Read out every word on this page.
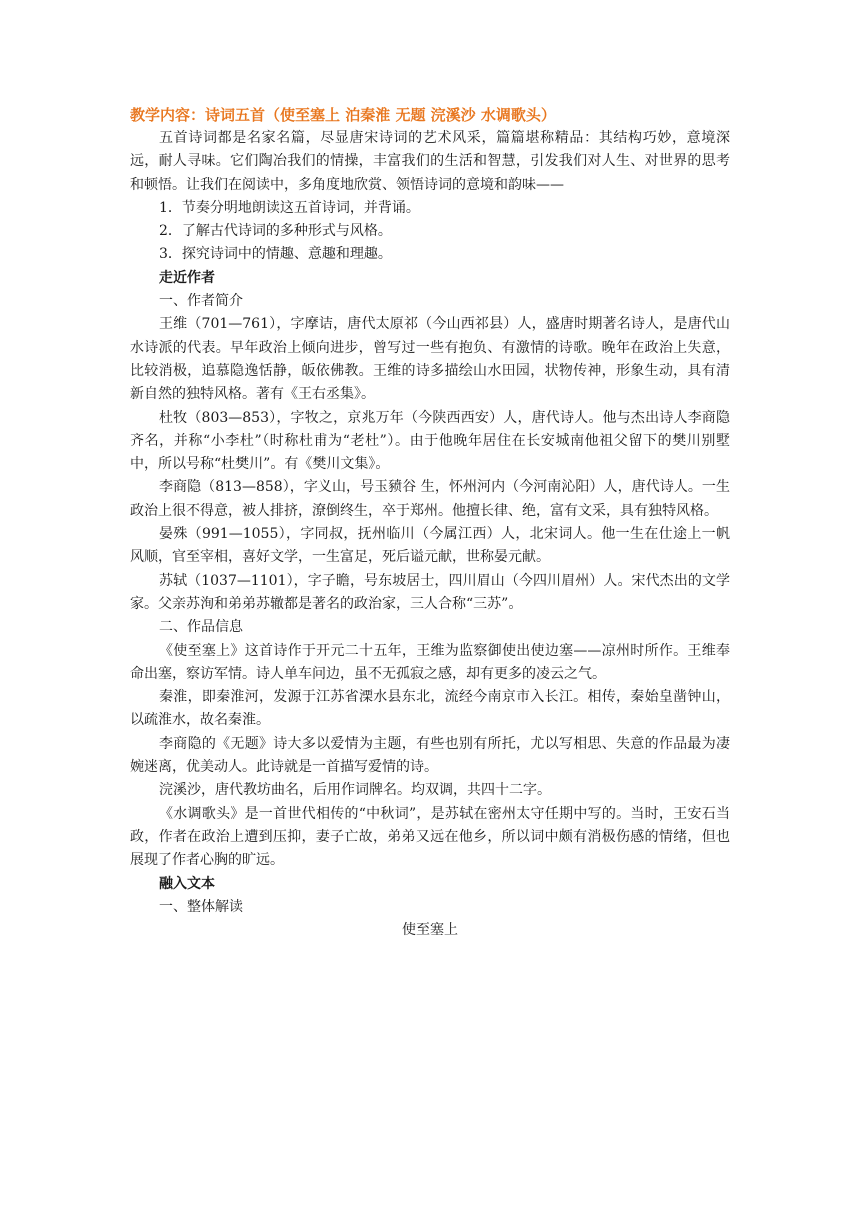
教学内容：诗词五首（使至塞上 泊秦淮 无题 浣溪沙 水调歌头）

五首诗词都是名家名篇，尽显唐宋诗词的艺术风采，篇篇堪称精品：其结构巧妙，意境深远，耐人寻味。它们陶冶我们的情操，丰富我们的生活和智慧，引发我们对人生、对世界的思考和顿悟。让我们在阅读中，多角度地欣赏、领悟诗词的意境和韵味——

1．节奏分明地朗读这五首诗词，并背诵。

2．了解古代诗词的多种形式与风格。

3．探究诗词中的情趣、意趣和理趣。

走近作者

一、作者简介

王维（701—761），字摩诘，唐代太原祁（今山西祁县）人，盛唐时期著名诗人，是唐代山水诗派的代表。早年政治上倾向进步，曾写过一些有抱负、有激情的诗歌。晚年在政治上失意，比较消极，追慕隐逸恬静，皈依佛教。王维的诗多描绘山水田园，状物传神，形象生动，具有清新自然的独特风格。著有《王右丞集》。

杜牧（803—853），字牧之，京兆万年（今陕西西安）人，唐代诗人。他与杰出诗人李商隐齐名，并称“小李杜”（时称杜甫为“老杜”）。由于他晚年居住在长安城南他祖父留下的樊川别墅中，所以号称“杜樊川”。有《樊川文集》。

李商隐（813—858），字义山，号玉豮谷 生，怀州河内（今河南沁阳）人，唐代诗人。一生政治上很不得意，被人排挤，潦倒终生，卒于郑州。他擅长律、绝，富有文采，具有独特风格。

晏殊（991—1055），字同叔，抚州临川（今属江西）人，北宋词人。他一生在仕途上一帆风顺，官至宰相，喜好文学，一生富足，死后谥元献，世称晏元献。

苏轼（1037—1101），字子瞻，号东坡居士，四川眉山（今四川眉州）人。宋代杰出的文学家。父亲苏洵和弟弟苏辙都是著名的政治家，三人合称“三苏”。

二、作品信息

《使至塞上》这首诗作于开元二十五年，王维为监察御使出使边塞——凉州时所作。王维奉命出塞，察访军情。诗人单车问边，虽不无孤寂之感，却有更多的凌云之气。

秦淮，即秦淮河，发源于江苏省溧水县东北，流经今南京市入长江。相传，秦始皇凿钟山，以疏淮水，故名秦淮。

李商隐的《无题》诗大多以爱情为主题，有些也别有所托，尤以写相思、失意的作品最为凄婉迷离，优美动人。此诗就是一首描写爱情的诗。

浣溪沙，唐代教坊曲名，后用作词牌名。均双调，共四十二字。

《水调歌头》是一首世代相传的“中秋词”，是苏轼在密州太守任期中写的。当时，王安石当政，作者在政治上遭到压抑，妻子亡故，弟弟又远在他乡，所以词中颇有消极伤感的情绪，但也展现了作者心胸的旷远。

融入文本

一、整体解读

使至塞上
